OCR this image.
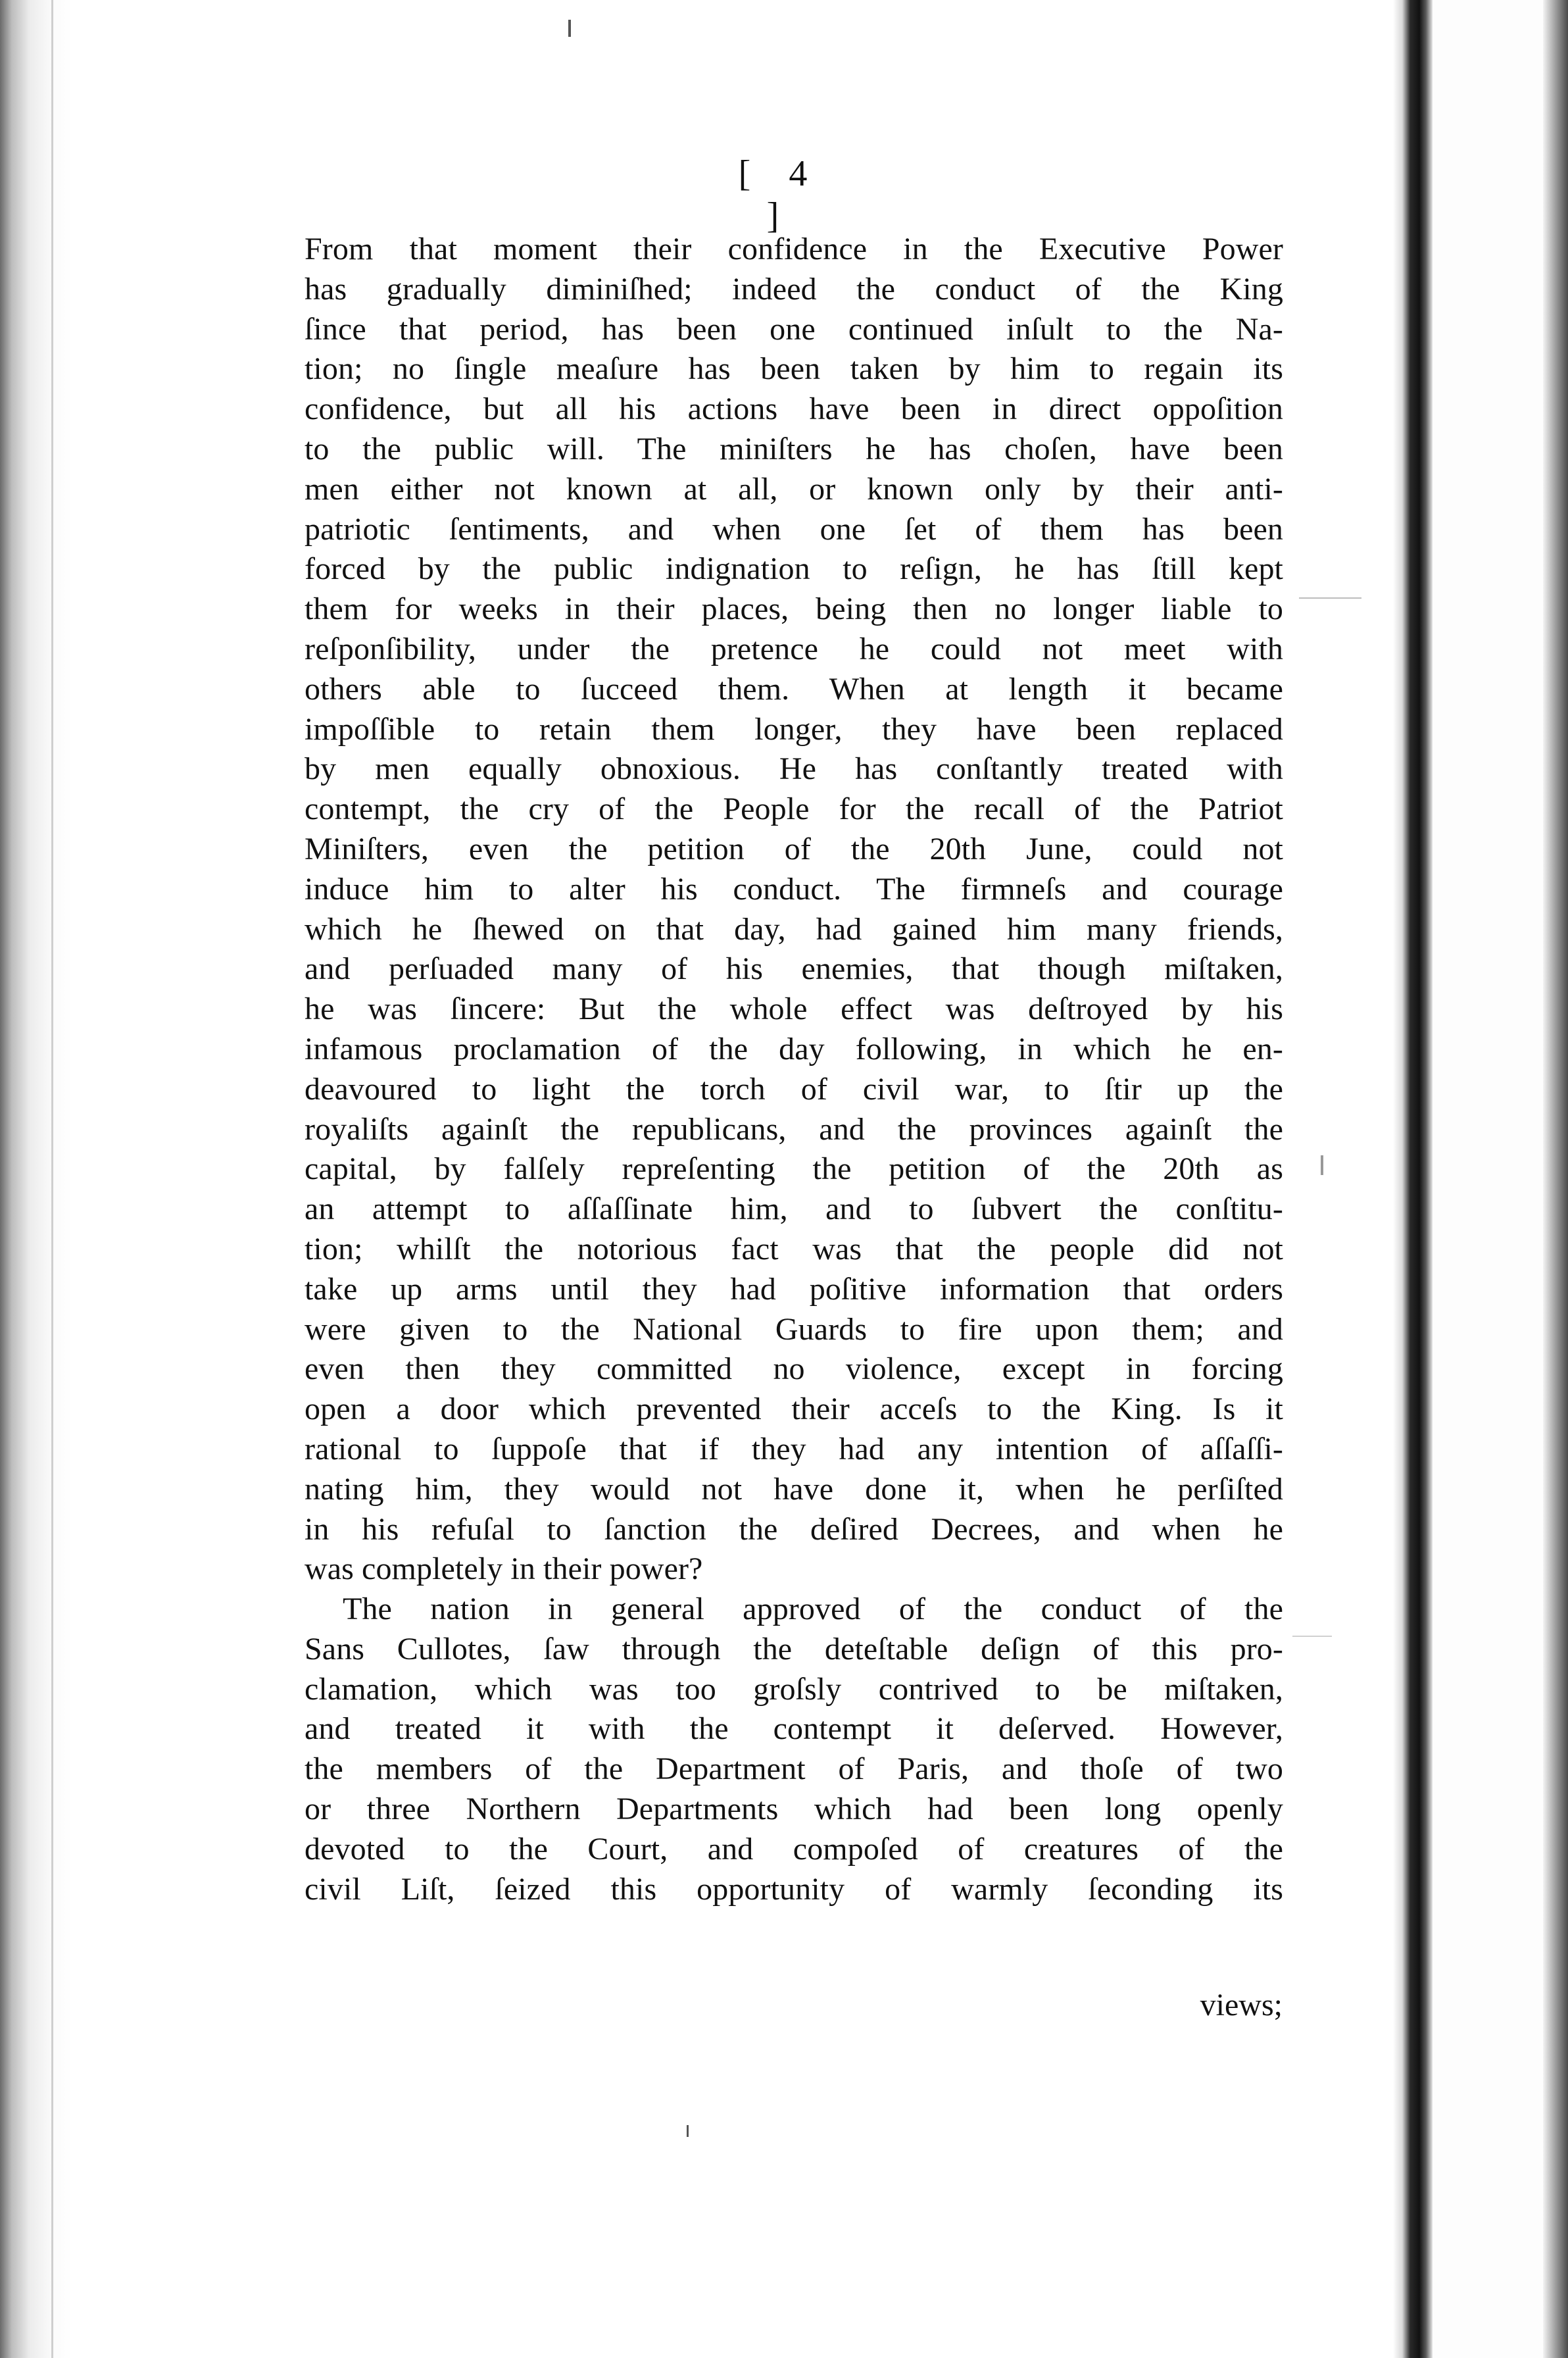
[ 4 ]
From that moment their confidence in the Executive Power
has gradually diminiſhed; indeed the conduct of the King
ſince that period, has been one continued inſult to the Na-
tion; no ſingle meaſure has been taken by him to regain its
confidence, but all his actions have been in direct oppoſition
to the public will. The miniſters he has choſen, have been
men either not known at all, or known only by their anti-
patriotic ſentiments, and when one ſet of them has been
forced by the public indignation to reſign, he has ſtill kept
them for weeks in their places, being then no longer liable to
reſponſibility, under the pretence he could not meet with
others able to ſucceed them. When at length it became
impoſſible to retain them longer, they have been replaced
by men equally obnoxious. He has conſtantly treated with
contempt, the cry of the People for the recall of the Patriot
Miniſters, even the petition of the 20th June, could not
induce him to alter his conduct. The firmneſs and courage
which he ſhewed on that day, had gained him many friends,
and perſuaded many of his enemies, that though miſtaken,
he was ſincere: But the whole effect was deſtroyed by his
infamous proclamation of the day following, in which he en-
deavoured to light the torch of civil war, to ſtir up the
royaliſts againſt the republicans, and the provinces againſt the
capital, by falſely repreſenting the petition of the 20th as
an attempt to aſſaſſinate him, and to ſubvert the conſtitu-
tion; whilſt the notorious fact was that the people did not
take up arms until they had poſitive information that orders
were given to the National Guards to fire upon them; and
even then they committed no violence, except in forcing
open a door which prevented their acceſs to the King. Is it
rational to ſuppoſe that if they had any intention of aſſaſſi-
nating him, they would not have done it, when he perſiſted
in his refuſal to ſanction the deſired Decrees, and when he
was completely in their power?
The nation in general approved of the conduct of the
Sans Cullotes, ſaw through the deteſtable deſign of this pro-
clamation, which was too groſsly contrived to be miſtaken,
and treated it with the contempt it deſerved. However,
the members of the Department of Paris, and thoſe of two
or three Northern Departments which had been long openly
devoted to the Court, and compoſed of creatures of the
civil Liſt, ſeized this opportunity of warmly ſeconding its
views;
